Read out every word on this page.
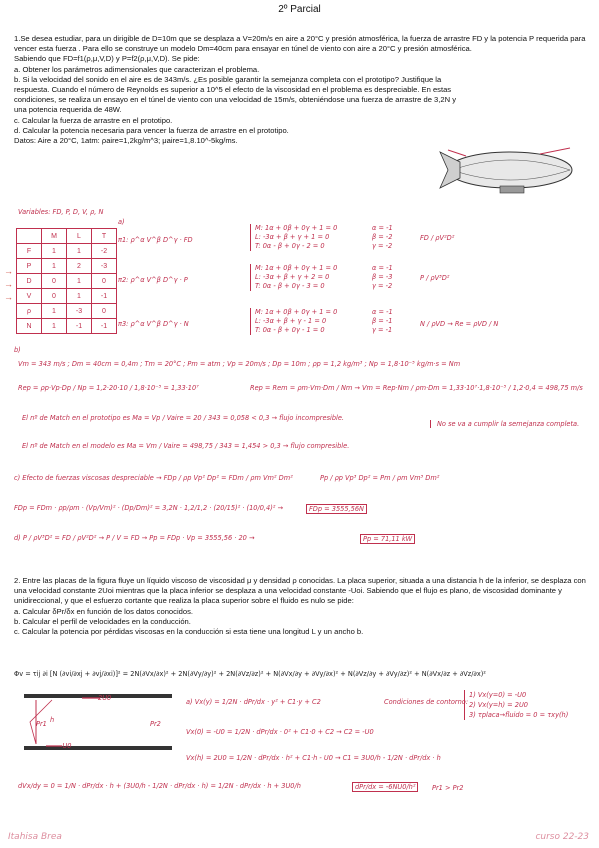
2º Parcial

1.Se desea estudiar, para un dirigible de D=10m que se desplaza a V=20m/s en aire a 20°C y presión atmosférica, la fuerza de arrastre FD y la potencia P requerida para vencer esta fuerza . Para ello se construye un modelo Dm=40cm para ensayar en túnel de viento con aire a 20°C y presión atmosférica.

Sabiendo que FD=f1(ρ,μ,V,D) y P=f2(ρ,μ,V,D). Se pide:

a. Obtener los parámetros adimensionales que caracterizan el problema.

b. Si la velocidad del sonido en el aire es de 343m/s. ¿Es posible garantir la semejanza completa con el prototipo? Justifique la respuesta. Cuando el número de Reynolds es superior a 10^5 el efecto de la viscosidad en el problema es despreciable. En estas condiciones, se realiza un ensayo en el túnel de viento con una velocidad de 15m/s, obteniéndose una fuerza de arrastre de 3,2N y una potencia requerida de 48W.

c. Calcular la fuerza de arrastre en el prototipo.

d. Calcular la potencia necesaria para vencer la fuerza de arrastre en el prototipo.

Datos: Aire a 20°C, 1atm: ρaire=1,2kg/m^3; μaire=1,8.10^-5kg/ms.

Variables: FD, P, D, V, ρ, N
a)
	M	L	T
F	1	1	-2
P	1	2	-3
D	0	1	0
V	0	1	-1
ρ	1	-3	0
N	1	-1	-1
→
→
→
π1: ρ^α V^β D^γ · FD
M: 1α + 0β + 0γ + 1 = 0
L: -3α + β + γ + 1 = 0
T: 0α - β + 0γ - 2 = 0
α = -1
β = -2
γ = -2
FD / ρV²D²
π2: ρ^α V^β D^γ · P
M: 1α + 0β + 0γ + 1 = 0
L: -3α + β + γ + 2 = 0
T: 0α - β + 0γ - 3 = 0
α = -1
β = -3
γ = -2
P / ρV³D²
π3: ρ^α V^β D^γ · N
M: 1α + 0β + 0γ + 1 = 0
L: -3α + β + γ - 1 = 0
T: 0α - β + 0γ - 1 = 0
α = -1
β = -1
γ = -1
N / ρVD → Re = ρVD / N
b)
Vm = 343 m/s ; Dm = 40cm = 0,4m ; Tm = 20°C ; Pm = atm ; Vp = 20m/s ; Dp = 10m ; ρp = 1,2 kg/m³ ; Np = 1,8·10⁻⁵ kg/m·s = Nm
Rep = ρp·Vp·Dp / Np = 1,2·20·10 / 1,8·10⁻⁵ = 1,33·10⁷	Rep = Rem = ρm·Vm·Dm / Nm → Vm = Rep·Nm / ρm·Dm = 1,33·10⁷·1,8·10⁻⁵ / 1,2·0,4 = 498,75 m/s
El nº de Match en el prototipo es Ma = Vp / Vaire = 20 / 343 = 0,058 < 0,3 → flujo incompresible.
El nº de Match en el modelo es Ma = Vm / Vaire = 498,75 / 343 = 1,454 > 0,3 → flujo compresible.
No se va a cumplir la semejanza completa.
c) Efecto de fuerzas viscosas despreciable → FDp / ρp Vp² Dp² = FDm / ρm Vm² Dm²	Pp / ρp Vp³ Dp² = Pm / ρm Vm³ Dm²
FDp = FDm · ρp/ρm · (Vp/Vm)² · (Dp/Dm)² = 3,2N · 1,2/1,2 · (20/15)² · (10/0,4)² →	FDp = 3555,56N
d) P / ρV³D² = FD / ρV²D² → P / V = FD → Pp = FDp · Vp = 3555,56 · 20 →	Pp = 71,11 kW

2. Entre las placas de la figura fluye un líquido viscoso de viscosidad μ y densidad ρ conocidas. La placa superior, situada a una distancia h de la inferior, se desplaza con una velocidad constante 2Uoi mientras que la placa inferior se desplaza a una velocidad constante -Uoi. Sabiendo que el flujo es plano, de viscosidad dominante y unidireccional, y que el esfuerzo cortante que realiza la placa superior sobre el fluido es nulo se pide:

a. Calcular δPr/δx en función de los datos conocidos.

b. Calcular el perfil de velocidades en la conducción.

c. Calcular la potencia por pérdidas viscosas en la conducción si esta tiene una longitud L y un ancho b.

Φv = τij ∂i [N (∂vi/∂xj + ∂vj/∂xi)]² = 2N(∂Vx/∂x)² + 2N(∂Vy/∂y)² + 2N(∂Vz/∂z)² + N(∂Vx/∂y + ∂Vy/∂x)² + N(∂Vz/∂y + ∂Vy/∂z)² + N(∂Vx/∂z + ∂Vz/∂x)²
2U0
-U0
Pr1	Pr2
h
a) Vx(y) = 1/2N · dPr/dx · y² + C1·y + C2	Condiciones de contorno:
1) Vx(y=0) = -U0
2) Vx(y=h) = 2U0
3) τplaca→fluido = 0 = τxy(h)
Vx(0) = -U0 = 1/2N · dPr/dx · 0² + C1·0 + C2 → C2 = -U0
Vx(h) = 2U0 = 1/2N · dPr/dx · h² + C1·h - U0 → C1 = 3U0/h - 1/2N · dPr/dx · h
dVx/dy = 0 = 1/N · dPr/dx · h + (3U0/h - 1/2N · dPr/dx · h) = 1/2N · dPr/dx · h + 3U0/h	dPr/dx = -6NU0/h²	Pr1 > Pr2
Itahisa Brea	curso 22-23
